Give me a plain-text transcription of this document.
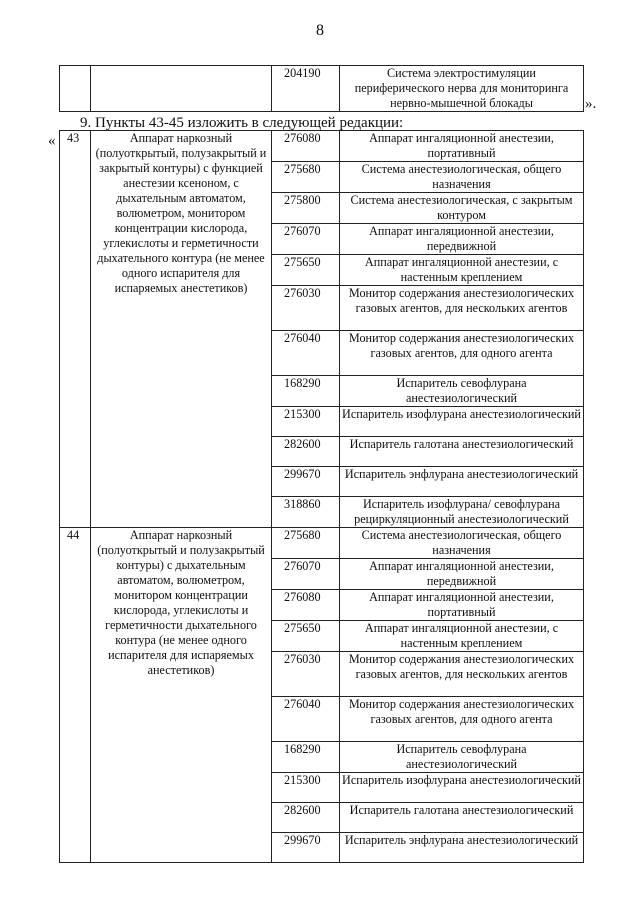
8
		204190	Система электростимуляции периферического нерва для мониторинга нервно-мышечной блокады	».
9. Пункты 43-45 изложить в следующей редакции:
« 43	Аппарат наркозный (полуоткрытый, полузакрытый и закрытый контуры) с функцией анестезии ксеноном, с дыхательным автоматом, волюметром, монитором концентрации кислорода, углекислоты и герметичности дыхательного контура (не менее одного испарителя для испаряемых анестетиков)	276080	Аппарат ингаляционной анестезии, портативный
		275680	Система анестезиологическая, общего назначения
		275800	Система анестезиологическая, с закрытым контуром
		276070	Аппарат ингаляционной анестезии, передвижной
		275650	Аппарат ингаляционной анестезии, с настенным креплением
		276030	Монитор содержания анестезиологических газовых агентов, для нескольких агентов
		276040	Монитор содержания анестезиологических газовых агентов, для одного агента
		168290	Испаритель севофлурана анестезиологический
		215300	Испаритель изофлурана анестезиологический
		282600	Испаритель галотана анестезиологический
		299670	Испаритель энфлурана анестезиологический
		318860	Испаритель изофлурана/ севофлурана рециркуляционный анестезиологический
44	Аппарат наркозный (полуоткрытый и полузакрытый контуры) с дыхательным автоматом, волюметром, монитором концентрации кислорода, углекислоты и герметичности дыхательного контура (не менее одного испарителя для испаряемых анестетиков)	275680	Система анестезиологическая, общего назначения
		276070	Аппарат ингаляционной анестезии, передвижной
		276080	Аппарат ингаляционной анестезии, портативный
		275650	Аппарат ингаляционной анестезии, с настенным креплением
		276030	Монитор содержания анестезиологических газовых агентов, для нескольких агентов
		276040	Монитор содержания анестезиологических газовых агентов, для одного агента
		168290	Испаритель севофлурана анестезиологический
		215300	Испаритель изофлурана анестезиологический
		282600	Испаритель галотана анестезиологический
		299670	Испаритель энфлурана анестезиологический
